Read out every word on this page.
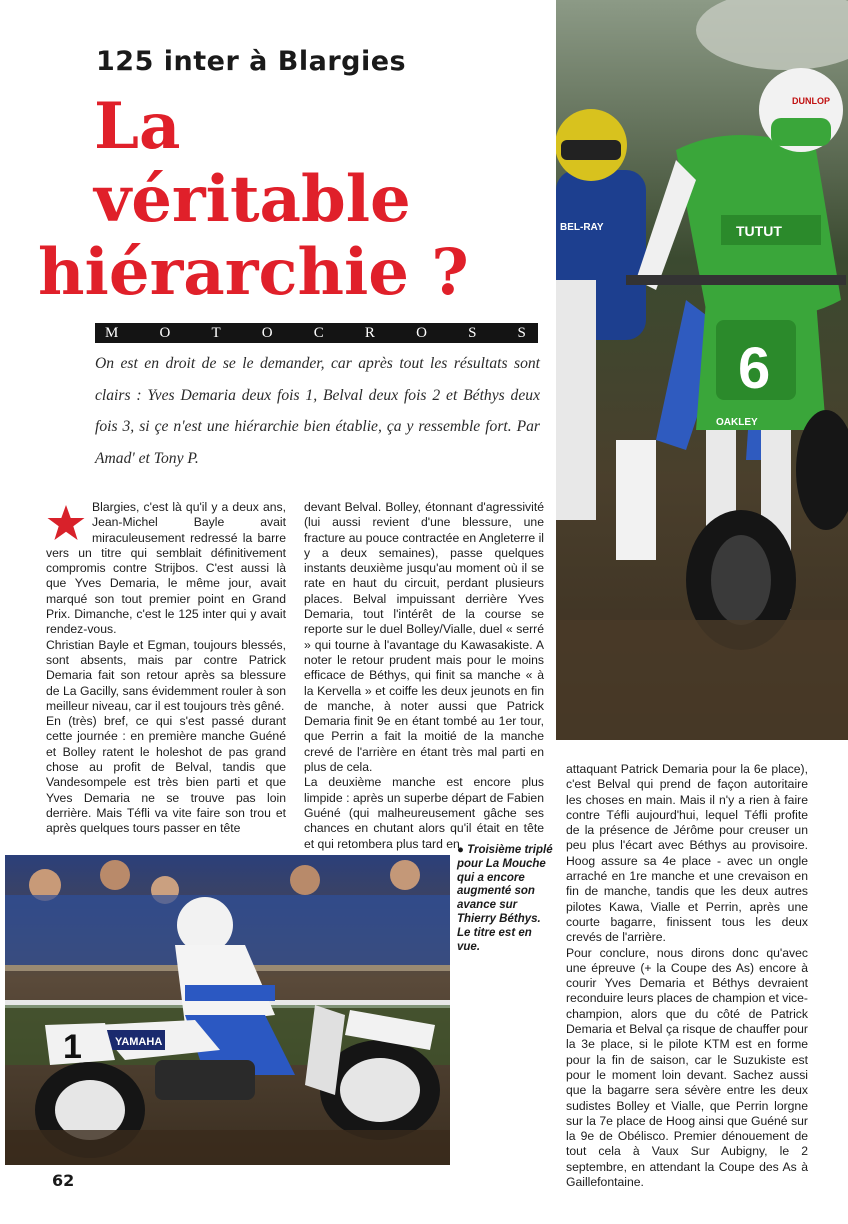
125 inter à Blargies
La
véritable
hiérarchie ?
M	O	T	O	C	R	O	S	S
On est en droit de se le demander, car après tout les résultats sont clairs : Yves Demaria deux fois 1, Belval deux fois 2 et Béthys deux fois 3, si çe n'est une hiérarchie bien établie, ça y ressemble fort. Par Amad' et Tony P.
BEL-RAY	TUTUT
DUNLOP
6
OAKLEY

Blargies, c'est là qu'il y a deux ans, Jean-Michel Bayle avait miraculeusement redressé la barre vers un titre qui semblait définitivement compromis contre Strijbos. C'est aussi là que Yves Demaria, le même jour, avait marqué son tout premier point en Grand Prix. Dimanche, c'est le 125 inter qui y avait rendez-vous.

Christian Bayle et Egman, toujours blessés, sont absents, mais par contre Patrick Demaria fait son retour après sa blessure de La Gacilly, sans évidemment rouler à son meilleur niveau, car il est toujours très gêné.

En (très) bref, ce qui s'est passé durant cette journée : en première manche Guéné et Bolley ratent le holeshot de pas grand chose au profit de Belval, tandis que Vandesompele est très bien parti et que Yves Demaria ne se trouve pas loin derrière. Mais Téfli va vite faire son trou et après quelques tours passer en tête

devant Belval. Bolley, étonnant d'agressivité (lui aussi revient d'une blessure, une fracture au pouce contractée en Angleterre il y a deux semaines), passe quelques instants deuxième jusqu'au moment où il se rate en haut du circuit, perdant plusieurs places. Belval impuissant derrière Yves Demaria, tout l'intérêt de la course se reporte sur le duel Bolley/Vialle, duel « serré » qui tourne à l'avantage du Kawasakiste. A noter le retour prudent mais pour le moins efficace de Béthys, qui finit sa manche « à la Kervella » et coiffe les deux jeunots en fin de manche, à noter aussi que Patrick Demaria finit 9e en étant tombé au 1er tour, que Perrin a fait la moitié de la manche crevé de l'arrière en étant très mal parti en plus de cela.

La deuxième manche est encore plus limpide : après un superbe départ de Fabien Guéné (qui malheureusement gâche ses chances en chutant alors qu'il était en tête et qui retombera plus tard en

attaquant Patrick Demaria pour la 6e place), c'est Belval qui prend de façon autoritaire les choses en main. Mais il n'y a rien à faire contre Téfli aujourd'hui, lequel Téfli profite de la présence de Jérôme pour creuser un peu plus l'écart avec Béthys au provisoire. Hoog assure sa 4e place - avec un ongle arraché en 1re manche et une crevaison en fin de manche, tandis que les deux autres pilotes Kawa, Vialle et Perrin, après une courte bagarre, finissent tous les deux crevés de l'arrière.

Pour conclure, nous dirons donc qu'avec une épreuve (+ la Coupe des As) encore à courir Yves Demaria et Béthys devraient reconduire leurs places de champion et vice-champion, alors que du côté de Patrick Demaria et Belval ça risque de chauffer pour la 3e place, si le pilote KTM est en forme pour la fin de saison, car le Suzukiste est pour le moment loin devant. Sachez aussi que la bagarre sera sévère entre les deux sudistes Bolley et Vialle, que Perrin lorgne sur la 7e place de Hoog ainsi que Guéné sur la 9e de Obélisco. Premier dénouement de tout cela à Vaux Sur Aubigny, le 2 septembre, en attendant la Coupe des As à Gaillefontaine.

YAMAHA
1
● Troisième triplé pour La Mouche qui a encore augmenté son avance sur Thierry Béthys. Le titre est en vue.
62
